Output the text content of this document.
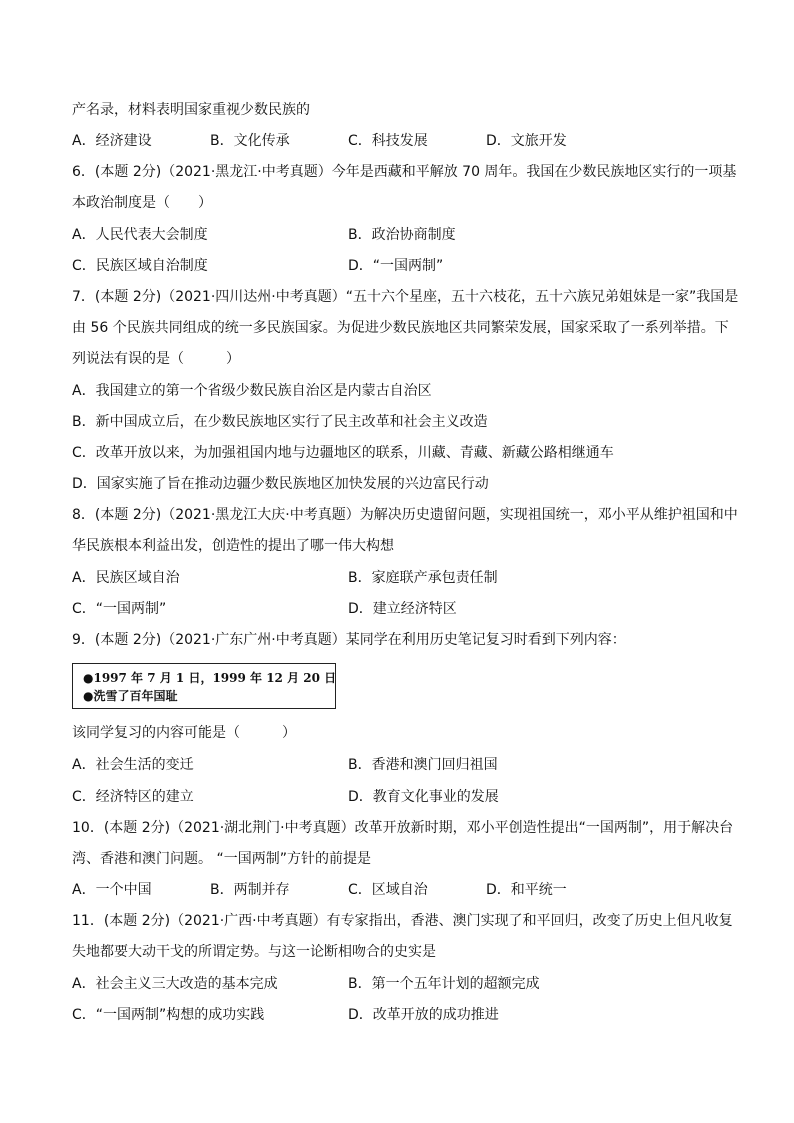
产名录，材料表明国家重视少数民族的
A．经济建设	B．文化传承	C．科技发展	D．文旅开发
6．(本题 2分)（2021·黑龙江·中考真题）今年是西藏和平解放 70 周年。我国在少数民族地区实行的一项基
本政治制度是（　　）
A．人民代表大会制度	B．政治协商制度
C．民族区域自治制度	D．“一国两制”
7．(本题 2分)（2021·四川达州·中考真题）“五十六个星座，五十六枝花，五十六族兄弟姐妹是一家”我国是
由 56 个民族共同组成的统一多民族国家。为促进少数民族地区共同繁荣发展，国家采取了一系列举措。下
列说法有误的是（　　　）
A．我国建立的第一个省级少数民族自治区是内蒙古自治区
B．新中国成立后，在少数民族地区实行了民主改革和社会主义改造
C．改革开放以来，为加强祖国内地与边疆地区的联系，川藏、青藏、新藏公路相继通车
D．国家实施了旨在推动边疆少数民族地区加快发展的兴边富民行动
8．(本题 2分)（2021·黑龙江大庆·中考真题）为解决历史遗留问题，实现祖国统一，邓小平从维护祖国和中
华民族根本利益出发，创造性的提出了哪一伟大构想
A．民族区域自治	B．家庭联产承包责任制
C．“一国两制”	D．建立经济特区
9．(本题 2分)（2021·广东广州·中考真题）某同学在利用历史笔记复习时看到下列内容：
●1997 年 7 月 1 日，1999 年 12 月 20 日
●洗雪了百年国耻
该同学复习的内容可能是（　　　）
A．社会生活的变迁	B．香港和澳门回归祖国
C．经济特区的建立	D．教育文化事业的发展
10．(本题 2分)（2021·湖北荆门·中考真题）改革开放新时期，邓小平创造性提出“一国两制”，用于解决台
湾、香港和澳门问题。 “一国两制”方针的前提是
A．一个中国	B．两制并存	C．区域自治	D．和平统一
11．(本题 2分)（2021·广西·中考真题）有专家指出，香港、澳门实现了和平回归，改变了历史上但凡收复
失地都要大动干戈的所谓定势。与这一论断相吻合的史实是
A．社会主义三大改造的基本完成	B．第一个五年计划的超额完成
C．“一国两制”构想的成功实践	D．改革开放的成功推进
